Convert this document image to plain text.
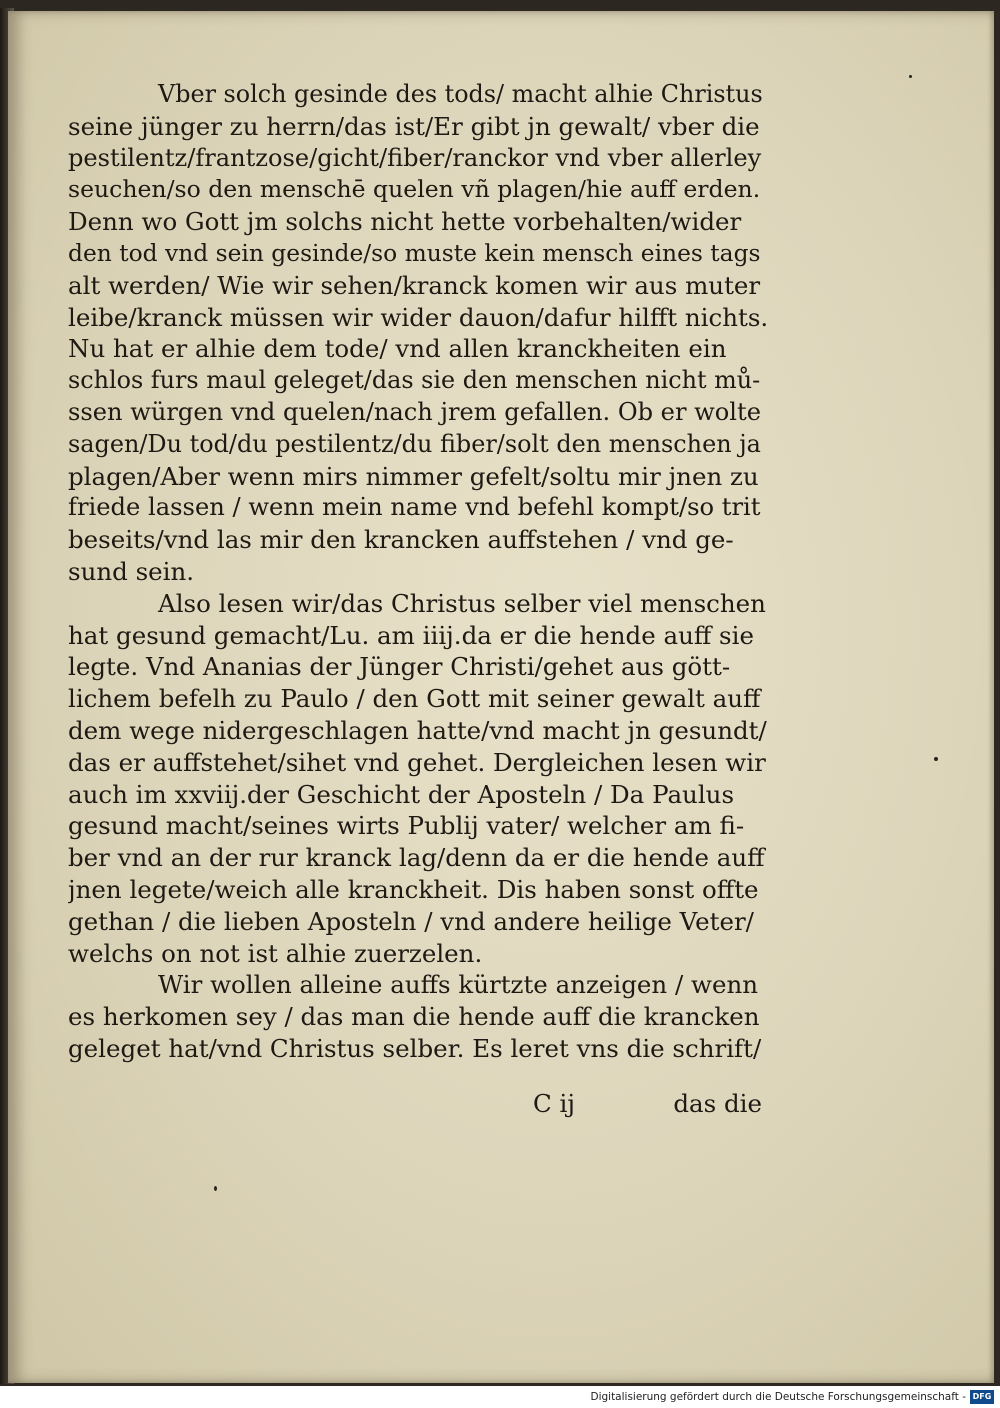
Vber solch gesinde des tods/ macht alhie Christus
seine jünger zu herrn/das ist/Er gibt jn gewalt/ vber die
pestilentz/frantzose/gicht/fiber/ranckor vnd vber allerley
seuchen/so den menschē quelen vñ plagen/hie auff erden.
Denn wo Gott jm solchs nicht hette vorbehalten/wider
den tod vnd sein gesinde/so muste kein mensch eines tags
alt werden/ Wie wir sehen/kranck komen wir aus muter
leibe/kranck müssen wir wider dauon/dafur hilfft nichts.
Nu hat er alhie dem tode/ vnd allen kranckheiten ein
schlos furs maul geleget/das sie den menschen nicht mů-
ssen würgen vnd quelen/nach jrem gefallen. Ob er wolte
sagen/Du tod/du pestilentz/du fiber/solt den menschen ja
plagen/Aber wenn mirs nimmer gefelt/soltu mir jnen zu
friede lassen / wenn mein name vnd befehl kompt/so trit
beseits/vnd las mir den krancken auffstehen / vnd ge-
sund sein.
Also lesen wir/das Christus selber viel menschen
hat gesund gemacht/Lu. am iiij.da er die hende auff sie
legte. Vnd Ananias der Jünger Christi/gehet aus gött-
lichem befelh zu Paulo / den Gott mit seiner gewalt auff
dem wege nidergeschlagen hatte/vnd macht jn gesundt/
das er auffstehet/sihet vnd gehet. Dergleichen lesen wir
auch im xxviij.der Geschicht der Aposteln / Da Paulus
gesund macht/seines wirts Publij vater/ welcher am fi-
ber vnd an der rur kranck lag/denn da er die hende auff
jnen legete/weich alle kranckheit. Dis haben sonst offte
gethan / die lieben Aposteln / vnd andere heilige Veter/
welchs on not ist alhie zuerzelen.
Wir wollen alleine auffs kürtzte anzeigen / wenn
es herkomen sey / das man die hende auff die krancken
geleget hat/vnd Christus selber. Es leret vns die schrift/
C ij	das die
Digitalisierung gefördert durch die Deutsche Forschungsgemeinschaft - DFG
